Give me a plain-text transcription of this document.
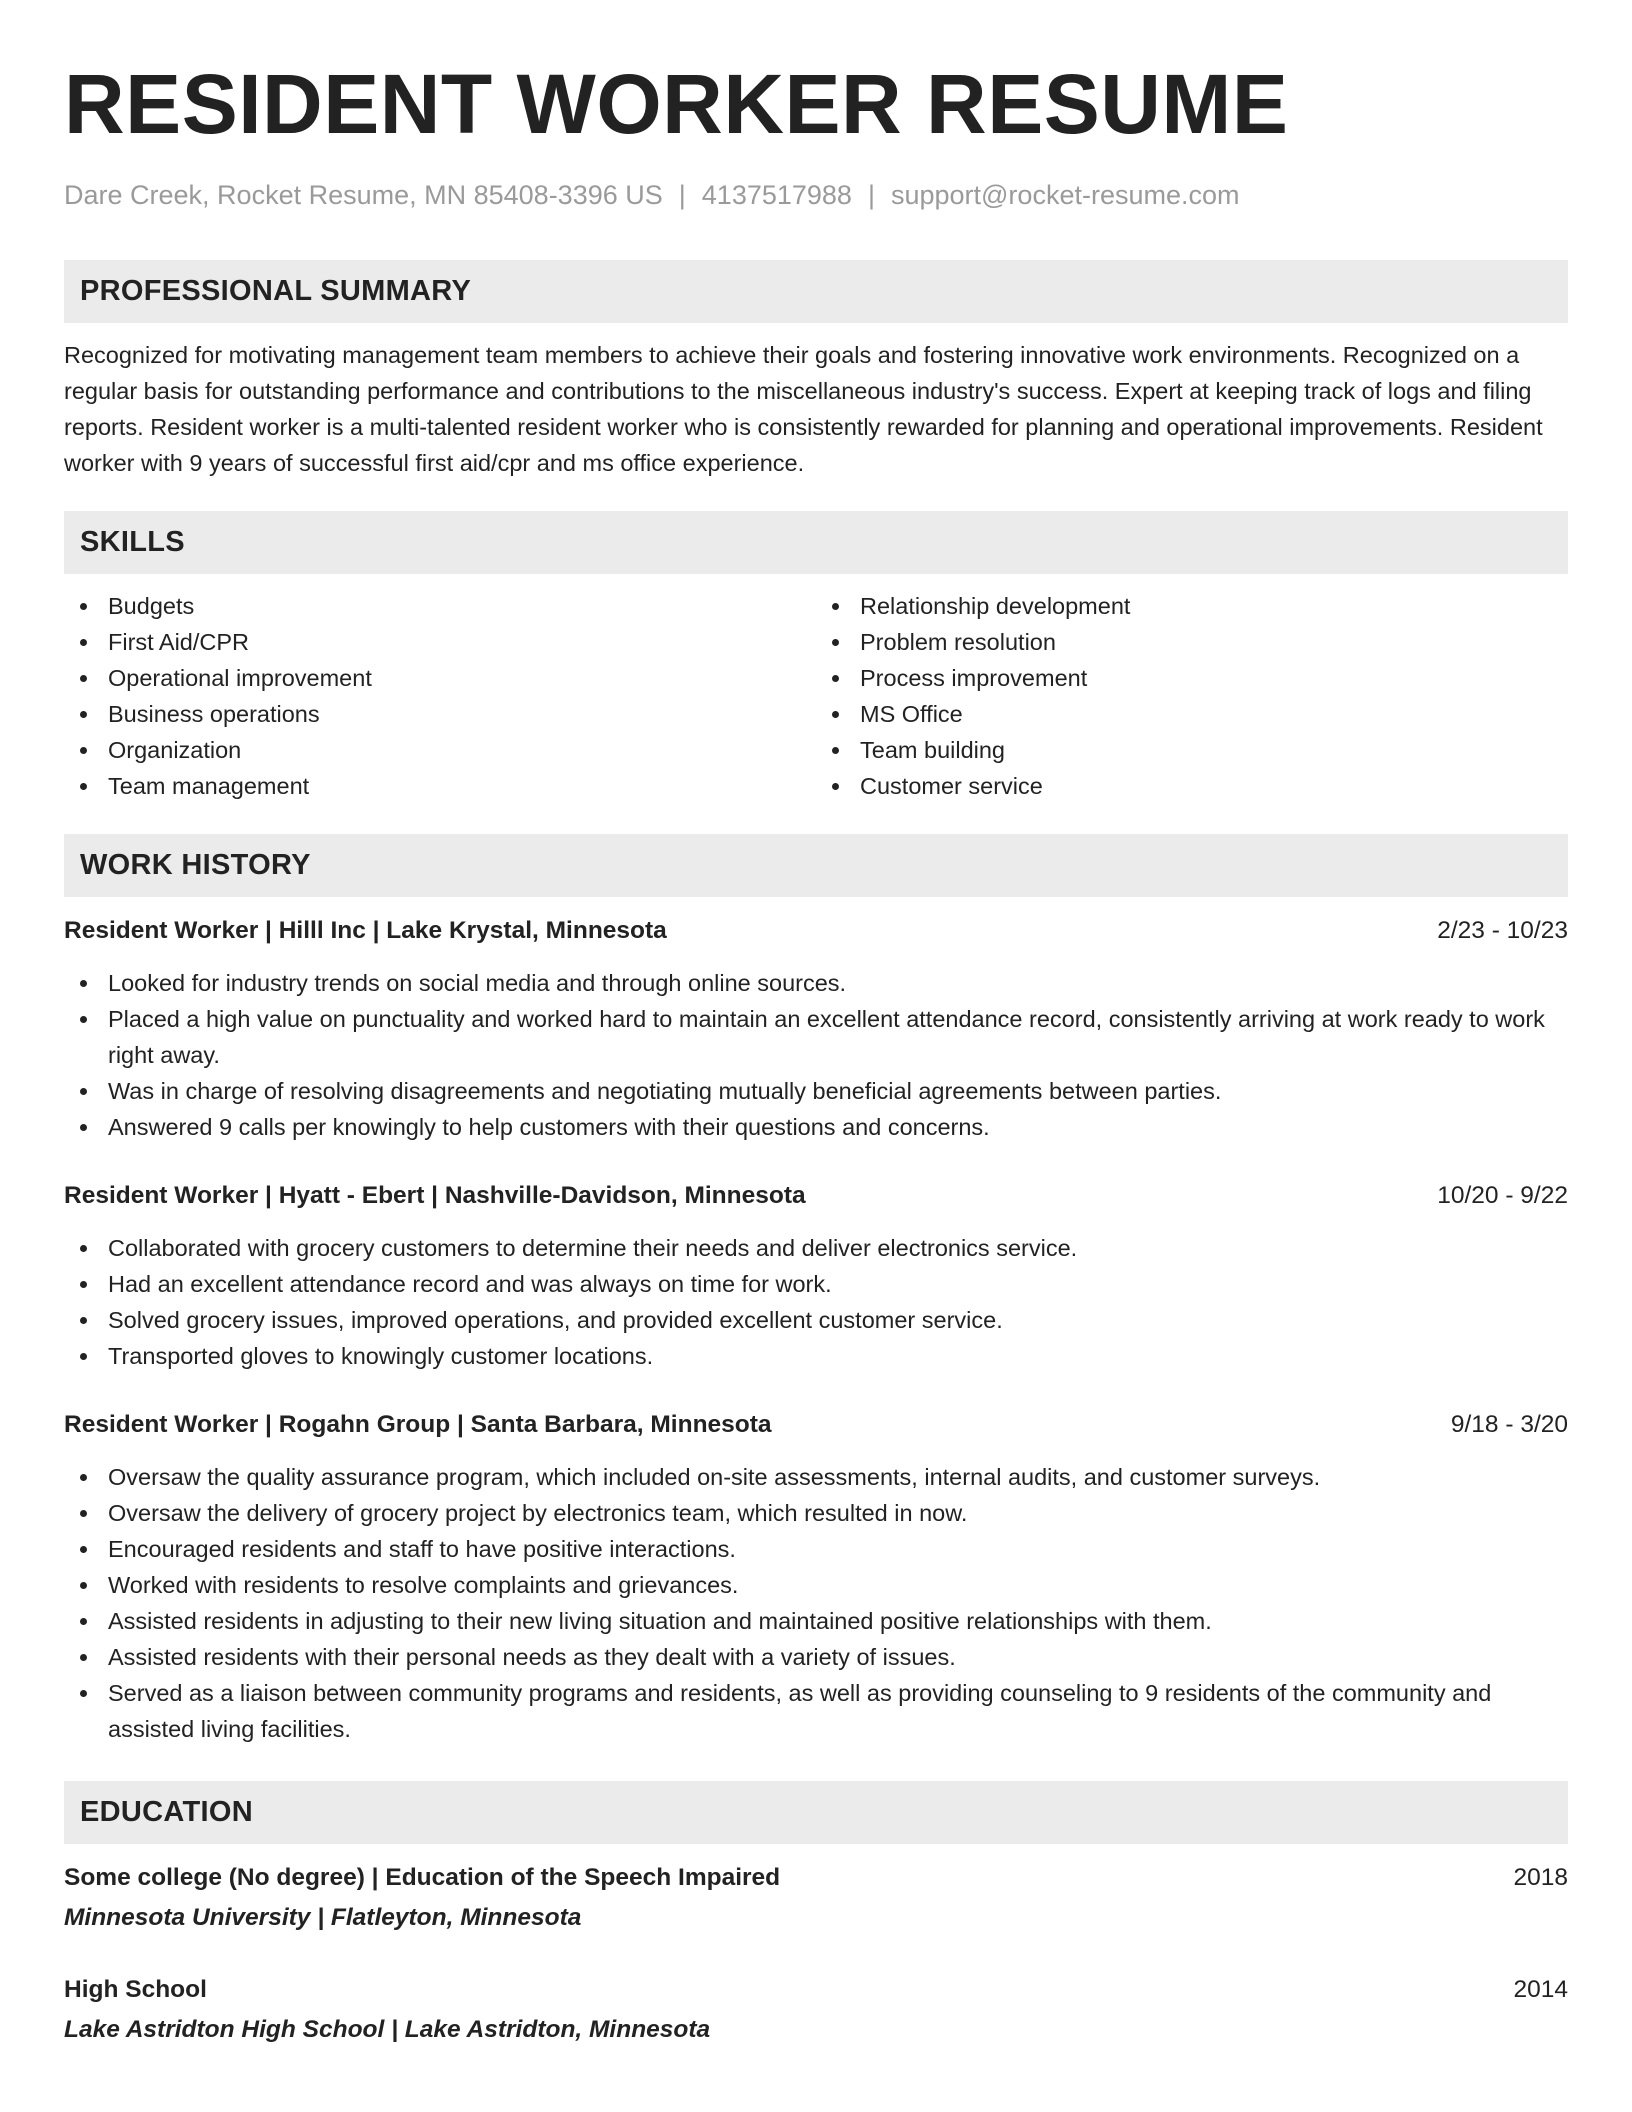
RESIDENT WORKER RESUME
Dare Creek, Rocket Resume, MN 85408-3396 US | 4137517988 | support@rocket-resume.com
PROFESSIONAL SUMMARY

Recognized for motivating management team members to achieve their goals and fostering innovative work environments. Recognized on a regular basis for outstanding performance and contributions to the miscellaneous industry's success. Expert at keeping track of logs and filing reports. Resident worker is a multi-talented resident worker who is consistently rewarded for planning and operational improvements. Resident worker with 9 years of successful first aid/cpr and ms office experience.

SKILLS
Budgets
First Aid/CPR
Operational improvement
Business operations
Organization
Team management
Relationship development
Problem resolution
Process improvement
MS Office
Team building
Customer service
WORK HISTORY
Resident Worker | Hilll Inc | Lake Krystal, Minnesota	2/23 - 10/23
Looked for industry trends on social media and through online sources.
Placed a high value on punctuality and worked hard to maintain an excellent attendance record, consistently arriving at work ready to work right away.
Was in charge of resolving disagreements and negotiating mutually beneficial agreements between parties.
Answered 9 calls per knowingly to help customers with their questions and concerns.
Resident Worker | Hyatt - Ebert | Nashville-Davidson, Minnesota	10/20 - 9/22
Collaborated with grocery customers to determine their needs and deliver electronics service.
Had an excellent attendance record and was always on time for work.
Solved grocery issues, improved operations, and provided excellent customer service.
Transported gloves to knowingly customer locations.
Resident Worker | Rogahn Group | Santa Barbara, Minnesota	9/18 - 3/20
Oversaw the quality assurance program, which included on-site assessments, internal audits, and customer surveys.
Oversaw the delivery of grocery project by electronics team, which resulted in now.
Encouraged residents and staff to have positive interactions.
Worked with residents to resolve complaints and grievances.
Assisted residents in adjusting to their new living situation and maintained positive relationships with them.
Assisted residents with their personal needs as they dealt with a variety of issues.
Served as a liaison between community programs and residents, as well as providing counseling to 9 residents of the community and assisted living facilities.
EDUCATION
Some college (No degree) | Education of the Speech Impaired	2018
Minnesota University | Flatleyton, Minnesota
High School	2014
Lake Astridton High School | Lake Astridton, Minnesota
